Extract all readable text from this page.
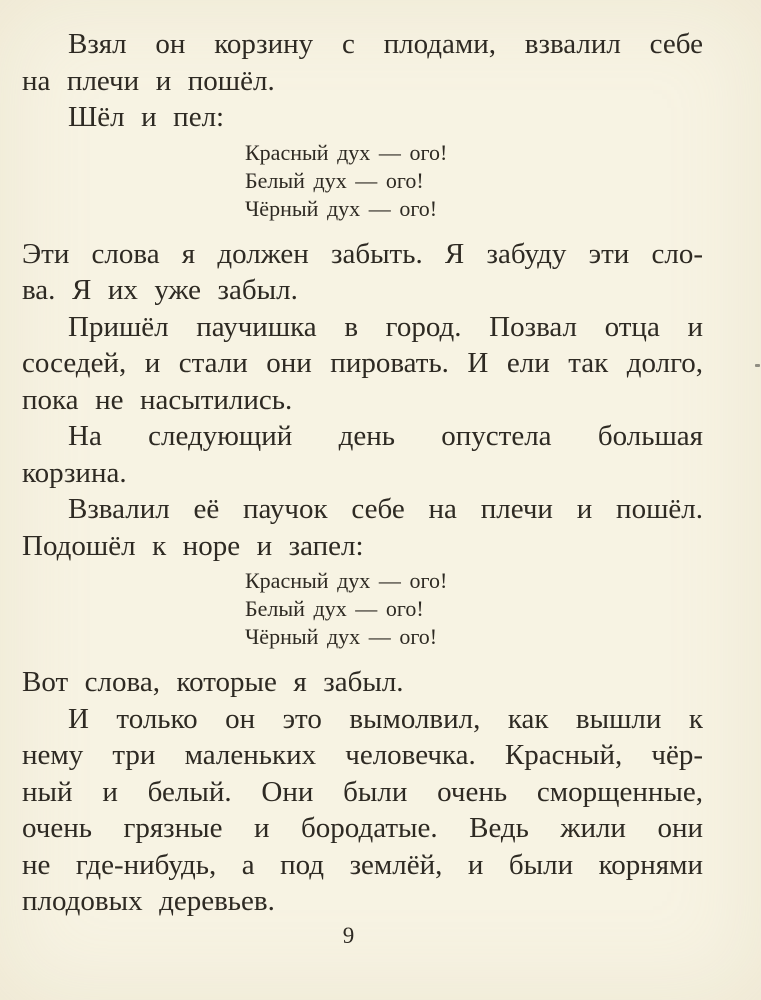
Взял он корзину с плодами, взвалил себе
на плечи и пошёл.
Шёл и пел:
Красный дух — ого!
Белый дух — ого!
Чёрный дух — ого!
Эти слова я должен забыть. Я забуду эти сло-
ва. Я их уже забыл.
Пришёл паучишка в город. Позвал отца и
соседей, и стали они пировать. И ели так долго,
пока не насытились.
На следующий день опустела большая
корзина.
Взвалил её паучок себе на плечи и пошёл.
Подошёл к норе и запел:
Красный дух — ого!
Белый дух — ого!
Чёрный дух — ого!
Вот слова, которые я забыл.
И только он это вымолвил, как вышли к
нему три маленьких человечка. Красный, чёр-
ный и белый. Они были очень сморщенные,
очень грязные и бородатые. Ведь жили они
не где-нибудь, а под землёй, и были корнями
плодовых деревьев.
9
